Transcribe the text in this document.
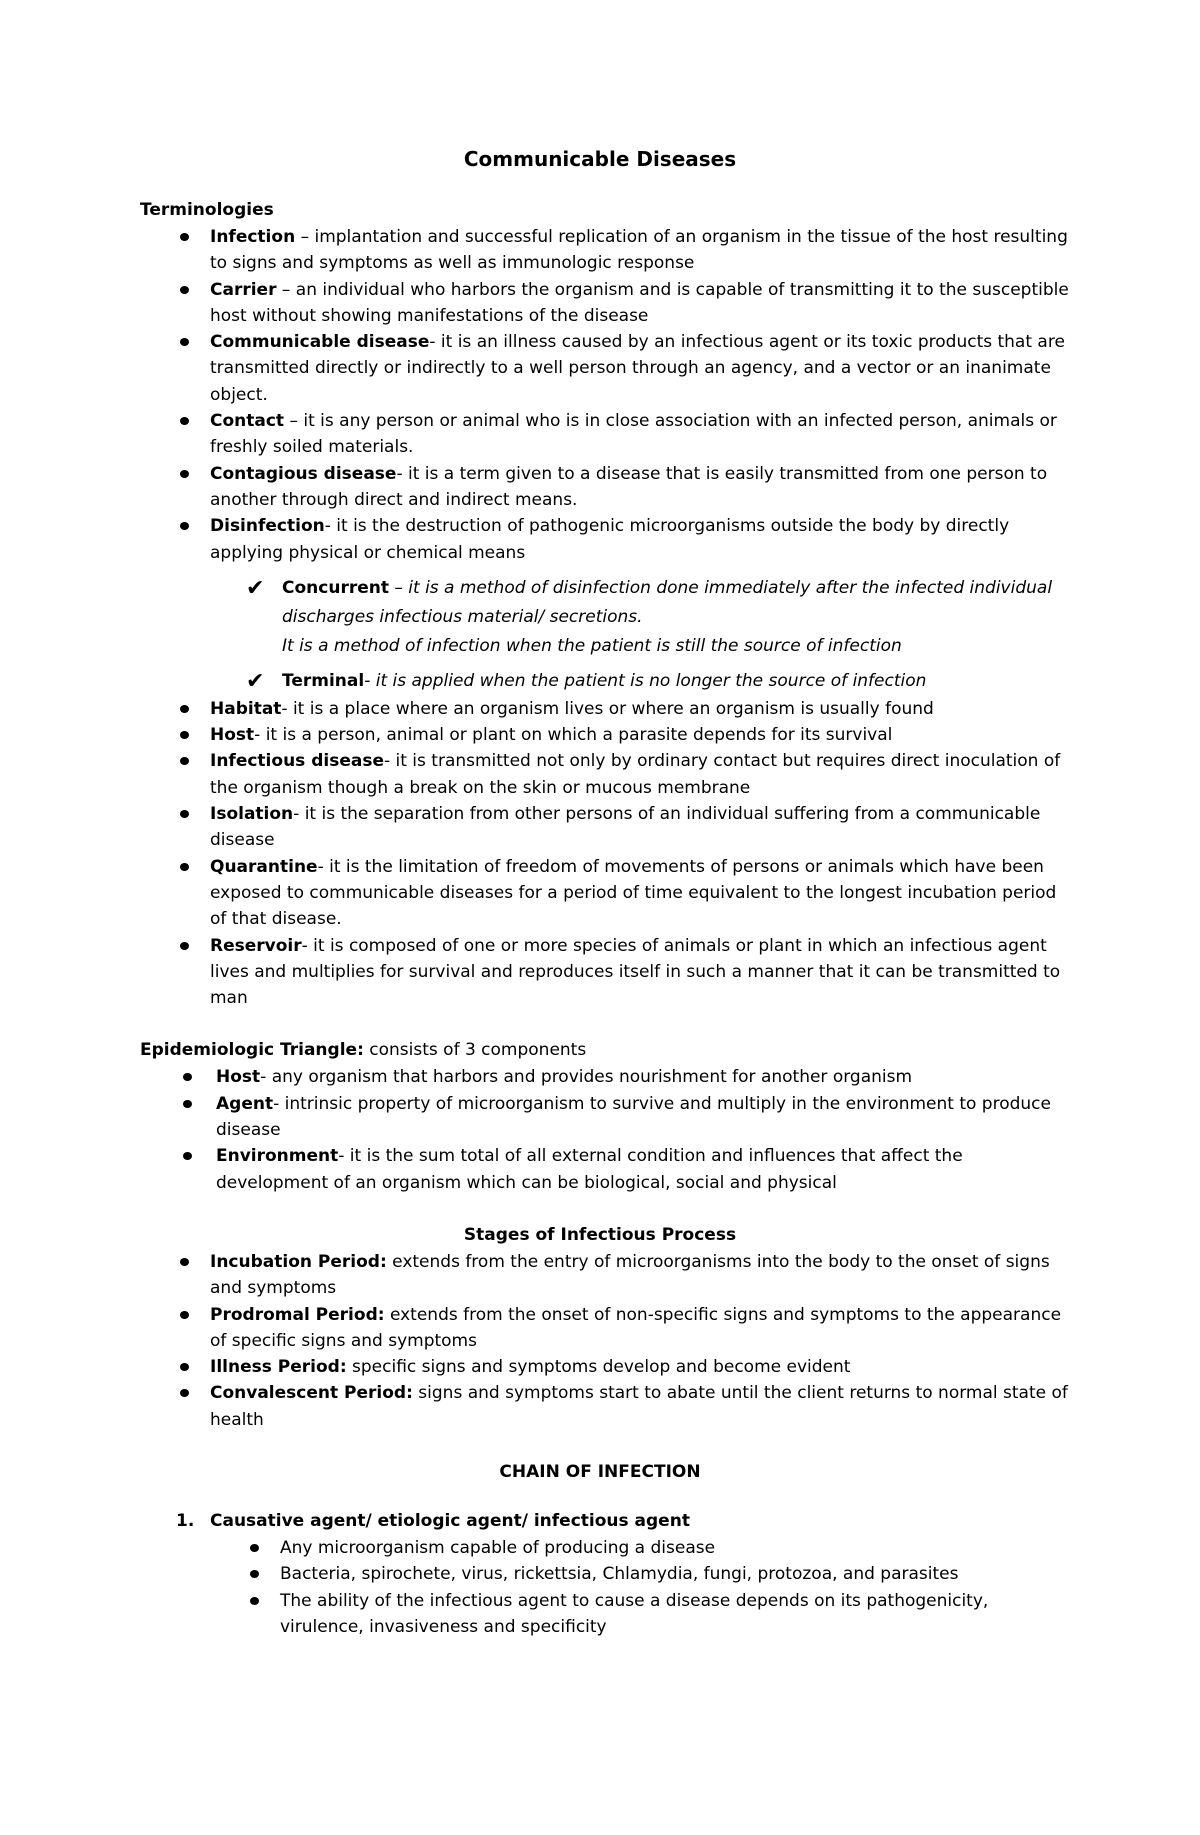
Communicable Diseases
Terminologies
Infection – implantation and successful replication of an organism in the tissue of the host resulting to signs and symptoms as well as immunologic response
Carrier – an individual who harbors the organism and is capable of transmitting it to the susceptible host without showing manifestations of the disease
Communicable disease- it is an illness caused by an infectious agent or its toxic products that are transmitted directly or indirectly to a well person through an agency, and a vector or an inanimate object.
Contact – it is any person or animal who is in close association with an infected person, animals or freshly soiled materials.
Contagious disease- it is a term given to a disease that is easily transmitted from one person to another through direct and indirect means.
Disinfection- it is the destruction of pathogenic microorganisms outside the body by directly applying physical or chemical means
✔ Concurrent – it is a method of disinfection done immediately after the infected individual discharges infectious material/ secretions.
It is a method of infection when the patient is still the source of infection
✔ Terminal- it is applied when the patient is no longer the source of infection
Habitat- it is a place where an organism lives or where an organism is usually found
Host- it is a person, animal or plant on which a parasite depends for its survival
Infectious disease- it is transmitted not only by ordinary contact but requires direct inoculation of the organism though a break on the skin or mucous membrane
Isolation- it is the separation from other persons of an individual suffering from a communicable disease
Quarantine- it is the limitation of freedom of movements of persons or animals which have been exposed to communicable diseases for a period of time equivalent to the longest incubation period of that disease.
Reservoir- it is composed of one or more species of animals or plant in which an infectious agent lives and multiplies for survival and reproduces itself in such a manner that it can be transmitted to man
Epidemiologic Triangle: consists of 3 components
Host- any organism that harbors and provides nourishment for another organism
Agent- intrinsic property of microorganism to survive and multiply in the environment to produce disease
Environment- it is the sum total of all external condition and influences that affect the development of an organism which can be biological, social and physical
Stages of Infectious Process
Incubation Period: extends from the entry of microorganisms into the body to the onset of signs and symptoms
Prodromal Period: extends from the onset of non-specific signs and symptoms to the appearance of specific signs and symptoms
Illness Period: specific signs and symptoms develop and become evident
Convalescent Period: signs and symptoms start to abate until the client returns to normal state of health
CHAIN OF INFECTION
1. Causative agent/ etiologic agent/ infectious agent
Any microorganism capable of producing a disease
Bacteria, spirochete, virus, rickettsia, Chlamydia, fungi, protozoa, and parasites
The ability of the infectious agent to cause a disease depends on its pathogenicity, virulence, invasiveness and specificity
